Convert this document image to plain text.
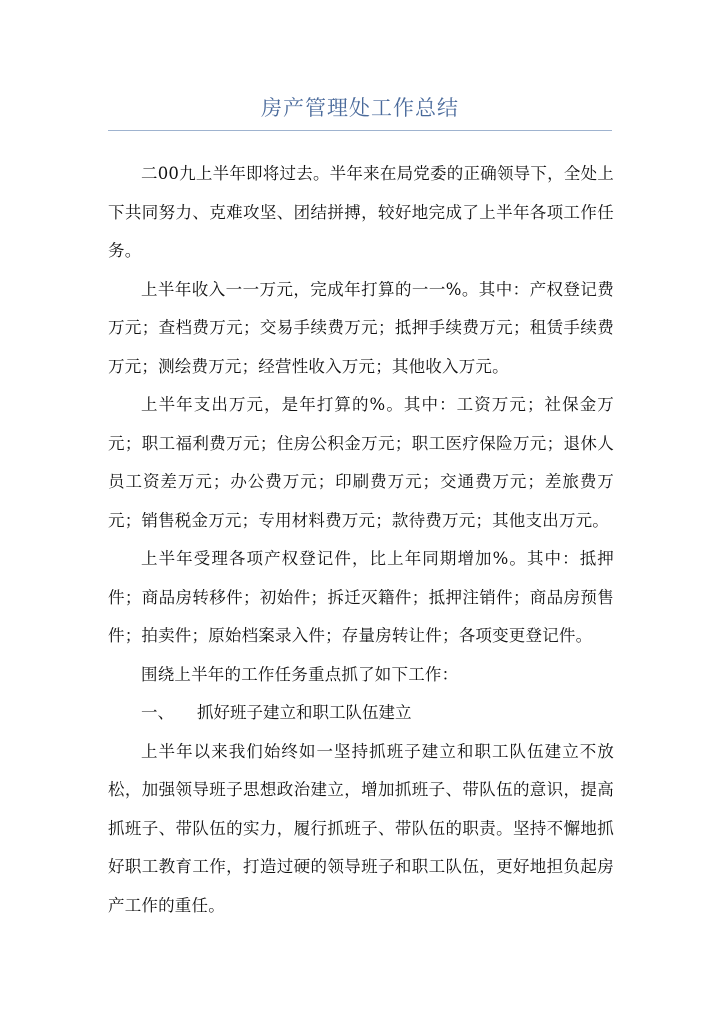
房产管理处工作总结

二00九上半年即将过去。半年来在局党委的正确领导下，全处上下共同努力、克难攻坚、团结拼搏，较好地完成了上半年各项工作任务。

上半年收入一一万元，完成年打算的一一%。其中：产权登记费万元；查档费万元；交易手续费万元；抵押手续费万元；租赁手续费万元；测绘费万元；经营性收入万元；其他收入万元。

上半年支出万元，是年打算的%。其中：工资万元；社保金万元；职工福利费万元；住房公积金万元；职工医疗保险万元；退休人员工资差万元；办公费万元；印刷费万元；交通费万元；差旅费万元；销售税金万元；专用材料费万元；款待费万元；其他支出万元。

上半年受理各项产权登记件，比上年同期增加%。其中：抵押件；商品房转移件；初始件；拆迁灭籍件；抵押注销件；商品房预售件；拍卖件；原始档案录入件；存量房转让件；各项变更登记件。

围绕上半年的工作任务重点抓了如下工作：

一、 抓好班子建立和职工队伍建立

上半年以来我们始终如一坚持抓班子建立和职工队伍建立不放松，加强领导班子思想政治建立，增加抓班子、带队伍的意识，提高抓班子、带队伍的实力，履行抓班子、带队伍的职责。坚持不懈地抓好职工教育工作，打造过硬的领导班子和职工队伍，更好地担负起房产工作的重任。
